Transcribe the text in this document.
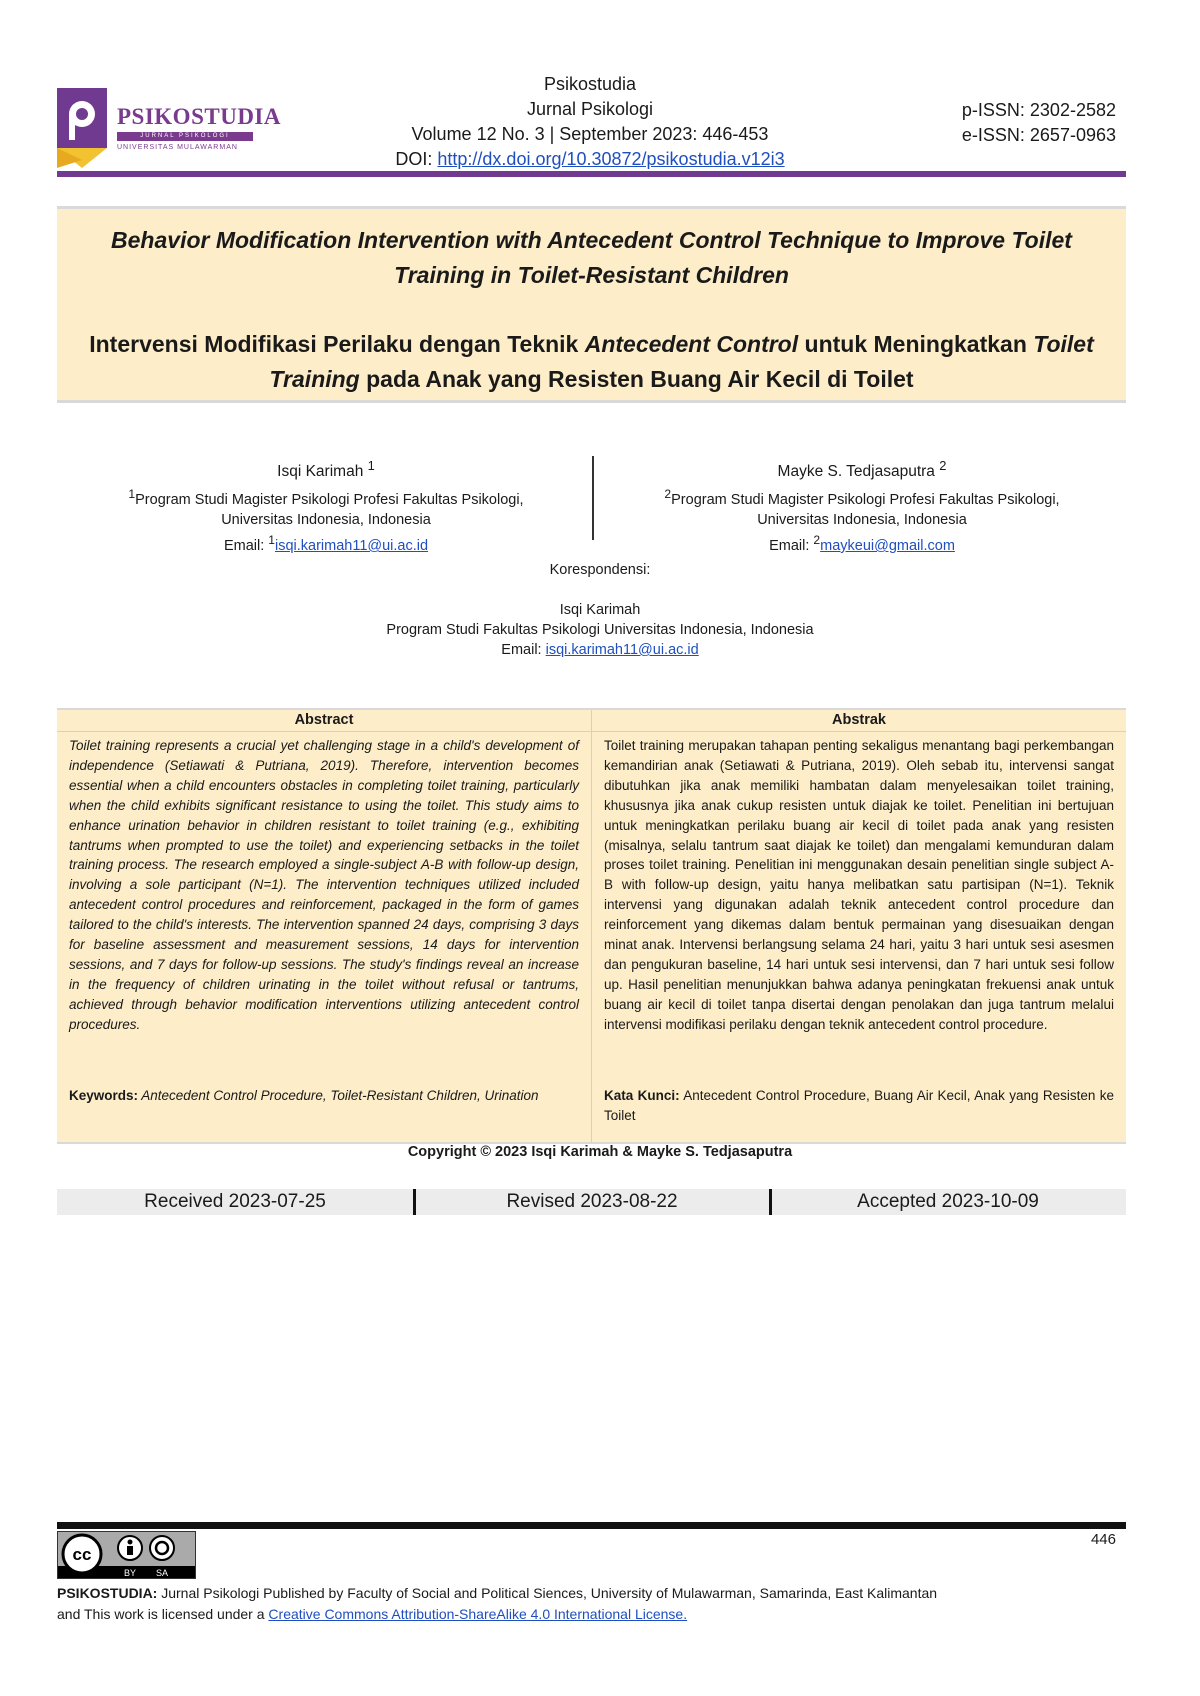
PSIKOSTUDIA
JURNAL PSIKOLOGI
UNIVERSITAS MULAWARMAN
Psikostudia
Jurnal Psikologi
Volume 12 No. 3 | September 2023: 446-453
DOI: http://dx.doi.org/10.30872/psikostudia.v12i3
p-ISSN: 2302-2582
e-ISSN: 2657-0963
Behavior Modification Intervention with Antecedent Control Technique to Improve Toilet
Training in Toilet-Resistant Children
Intervensi Modifikasi Perilaku dengan Teknik Antecedent Control untuk Meningkatkan Toilet Training pada Anak yang Resisten Buang Air Kecil di Toilet
Isqi Karimah $^1$
$^1$Program Studi Magister Psikologi Profesi Fakultas Psikologi,
Universitas Indonesia, Indonesia
Email: $^1$isqi.karimah11@ui.ac.id
Mayke S. Tedjasaputra $^2$
$^2$Program Studi Magister Psikologi Profesi Fakultas Psikologi,
Universitas Indonesia, Indonesia
Email: $^2$maykeui@gmail.com
Korespondensi:
Isqi Karimah
Program Studi Fakultas Psikologi Universitas Indonesia, Indonesia
Email: isqi.karimah11@ui.ac.id
Abstract
Toilet training represents a crucial yet challenging stage in a child's development of independence (Setiawati & Putriana, 2019). Therefore, intervention becomes essential when a child encounters obstacles in completing toilet training, particularly when the child exhibits significant resistance to using the toilet. This study aims to enhance urination behavior in children resistant to toilet training (e.g., exhibiting tantrums when prompted to use the toilet) and experiencing setbacks in the toilet training process. The research employed a single-subject A-B with follow-up design, involving a sole participant (N=1). The intervention techniques utilized included antecedent control procedures and reinforcement, packaged in the form of games tailored to the child's interests. The intervention spanned 24 days, comprising 3 days for baseline assessment and measurement sessions, 14 days for intervention sessions, and 7 days for follow-up sessions. The study's findings reveal an increase in the frequency of children urinating in the toilet without refusal or tantrums, achieved through behavior modification interventions utilizing antecedent control procedures.
Keywords: Antecedent Control Procedure, Toilet-Resistant Children, Urination
Abstrak
Toilet training merupakan tahapan penting sekaligus menantang bagi perkembangan kemandirian anak (Setiawati & Putriana, 2019). Oleh sebab itu, intervensi sangat dibutuhkan jika anak memiliki hambatan dalam menyelesaikan toilet training, khususnya jika anak cukup resisten untuk diajak ke toilet. Penelitian ini bertujuan untuk meningkatkan perilaku buang air kecil di toilet pada anak yang resisten (misalnya, selalu tantrum saat diajak ke toilet) dan mengalami kemunduran dalam proses toilet training. Penelitian ini menggunakan desain penelitian single subject A-B with follow-up design, yaitu hanya melibatkan satu partisipan (N=1). Teknik intervensi yang digunakan adalah teknik antecedent control procedure dan reinforcement yang dikemas dalam bentuk permainan yang disesuaikan dengan minat anak. Intervensi berlangsung selama 24 hari, yaitu 3 hari untuk sesi asesmen dan pengukuran baseline, 14 hari untuk sesi intervensi, dan 7 hari untuk sesi follow up. Hasil penelitian menunjukkan bahwa adanya peningkatan frekuensi anak untuk buang air kecil di toilet tanpa disertai dengan penolakan dan juga tantrum melalui intervensi modifikasi perilaku dengan teknik antecedent control procedure.
Kata Kunci: Antecedent Control Procedure, Buang Air Kecil, Anak yang Resisten ke Toilet
Copyright © 2023 Isqi Karimah & Mayke S. Tedjasaputra
Received 2023-07-25	Revised 2023-08-22	Accepted 2023-10-09
cc
BY SA
446
PSIKOSTUDIA: Jurnal Psikologi Published by Faculty of Social and Political Siences, University of Mulawarman, Samarinda, East Kalimantan
and This work is licensed under a Creative Commons Attribution-ShareAlike 4.0 International License.
